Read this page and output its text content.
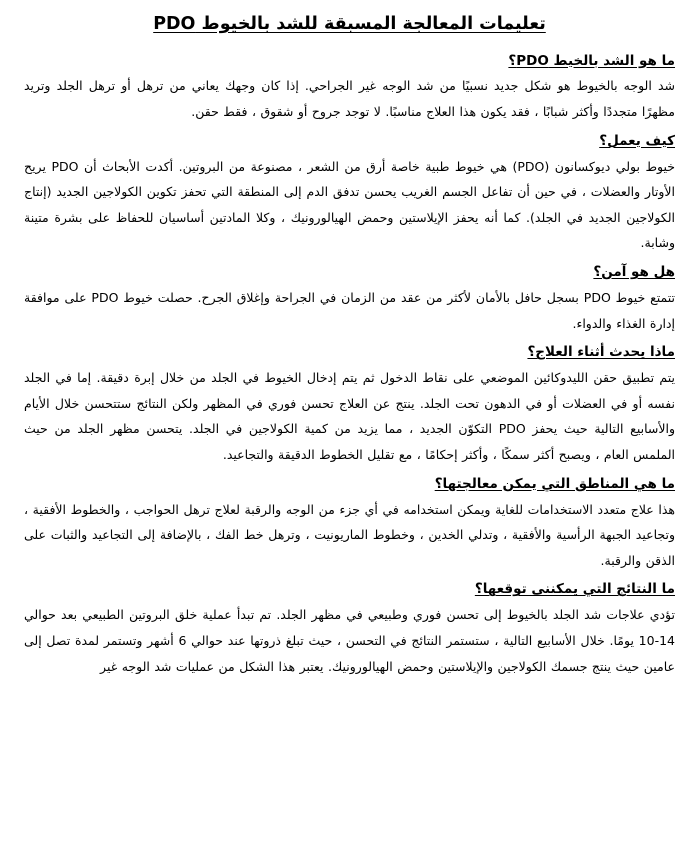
تعليمات المعالجة المسبقة للشد بالخيوط PDO
ما هو الشد بالخيط PDO؟

شد الوجه بالخيوط هو شكل جديد نسبيًا من شد الوجه غير الجراحي. إذا كان وجهك يعاني من ترهل أو ترهل الجلد وتريد مظهرًا متجددًا وأكثر شبابًا ، فقد يكون هذا العلاج مناسبًا. لا توجد جروح أو شقوق ، فقط حقن.

كيف يعمل؟

خيوط بولي ديوكسانون (PDO) هي خيوط طبية خاصة أرق من الشعر ، مصنوعة من البروتين. أكدت الأبحاث أن PDO يريح الأوتار والعضلات ، في حين أن تفاعل الجسم الغريب يحسن تدفق الدم إلى المنطقة التي تحفز تكوين الكولاجين الجديد (إنتاج الكولاجين الجديد في الجلد). كما أنه يحفز الإيلاستين وحمض الهيالورونيك ، وكلا المادتين أساسيان للحفاظ على بشرة متينة وشابة.

هل هو آمن؟

تتمتع خيوط PDO بسجل حافل بالأمان لأكثر من عقد من الزمان في الجراحة وإغلاق الجرح. حصلت خيوط PDO على موافقة إدارة الغذاء والدواء.

ماذا يحدث أثناء العلاج؟

يتم تطبيق حقن الليدوكائين الموضعي على نقاط الدخول ثم يتم إدخال الخيوط في الجلد من خلال إبرة دقيقة. إما في الجلد نفسه أو في العضلات أو في الدهون تحت الجلد. ينتج عن العلاج تحسن فوري في المظهر ولكن النتائج ستتحسن خلال الأيام والأسابيع التالية حيث يحفز PDO التكوّن الجديد ، مما يزيد من كمية الكولاجين في الجلد. يتحسن مظهر الجلد من حيث الملمس العام ، ويصبح أكثر سمكًا ، وأكثر إحكامًا ، مع تقليل الخطوط الدقيقة والتجاعيد.

ما هي المناطق التي يمكن معالجتها؟

هذا علاج متعدد الاستخدامات للغاية ويمكن استخدامه في أي جزء من الوجه والرقبة لعلاج ترهل الحواجب ، والخطوط الأفقية ، وتجاعيد الجبهة الرأسية والأفقية ، وتدلي الخدين ، وخطوط الماريونيت ، وترهل خط الفك ، بالإضافة إلى التجاعيد والثبات على الذقن والرقبة.

ما النتائج التي يمكننى توقعها؟

تؤدي علاجات شد الجلد بالخيوط إلى تحسن فوري وطبيعي في مظهر الجلد. تم تبدأ عملية خلق البروتين الطبيعي بعد حوالي 14-10 يومًا. خلال الأسابيع التالية ، ستستمر النتائج في التحسن ، حيث تبلغ ذروتها عند حوالي 6 أشهر وتستمر لمدة تصل إلى عامين حيث ينتج جسمك الكولاجين والإيلاستين وحمض الهيالورونيك. يعتبر هذا الشكل من عمليات شد الوجه غير
